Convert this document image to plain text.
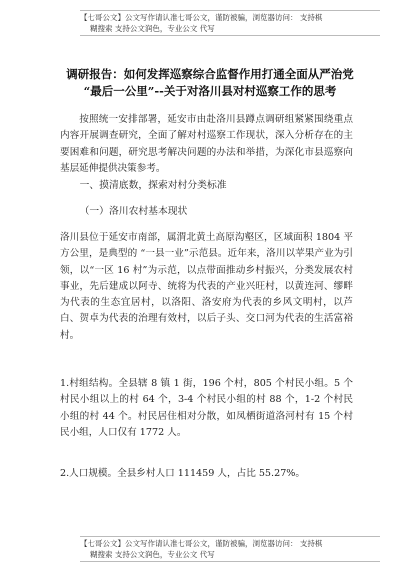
【七哥公文】公文写作请认准七哥公文，谨防被骗，浏览器访问： 支持棋
糊搜索 支持公文润色，专业公文 代写
调研报告：如何发挥巡察综合监督作用打通全面从严治党
“最后一公里”--关于对洛川县对村巡察工作的思考
按照统一安排部署，延安市由赴洛川县蹲点调研组紧紧围绕重点内容开展调查研究，全面了解对村巡察工作现状，深入分析存在的主要困难和问题，研究思考解决问题的办法和举措，为深化市县巡察向基层延伸提供决策参考。
一、摸清底数，探索对村分类标准
（一）洛川农村基本现状
洛川县位于延安市南部，属渭北黄土高原沟壑区，区域面积 1804 平方公里，是典型的 “一县一业”示范县。近年来，洛川以苹果产业为引领，以“一区 16 村”为示范，以点带面推动乡村振兴，分类发展农村事业，先后建成以阿寺、统将为代表的产业兴旺村，以黄连河、缪畔为代表的生态宜居村，以洛阳、洛安府为代表的乡风文明村，以芦白、贺卓为代表的治理有效村，以后子头、交口河为代表的生活富裕村。
1.村组结构。全县辖 8 镇 1 街，196 个村，805 个村民小组。5 个村民小组以上的村 64 个，3-4 个村民小组的村 88 个，1-2 个村民小组的村 44 个。村民居住相对分散，如凤栖街道洛河村有 15 个村民小组，人口仅有 1772 人。
2.人口规模。全县乡村人口 111459 人，占比 55.27%。
【七哥公文】公文写作请认准七哥公文，谨防被骗，浏览器访问： 支持棋
糊搜索 支持公文润色，专业公文 代写
